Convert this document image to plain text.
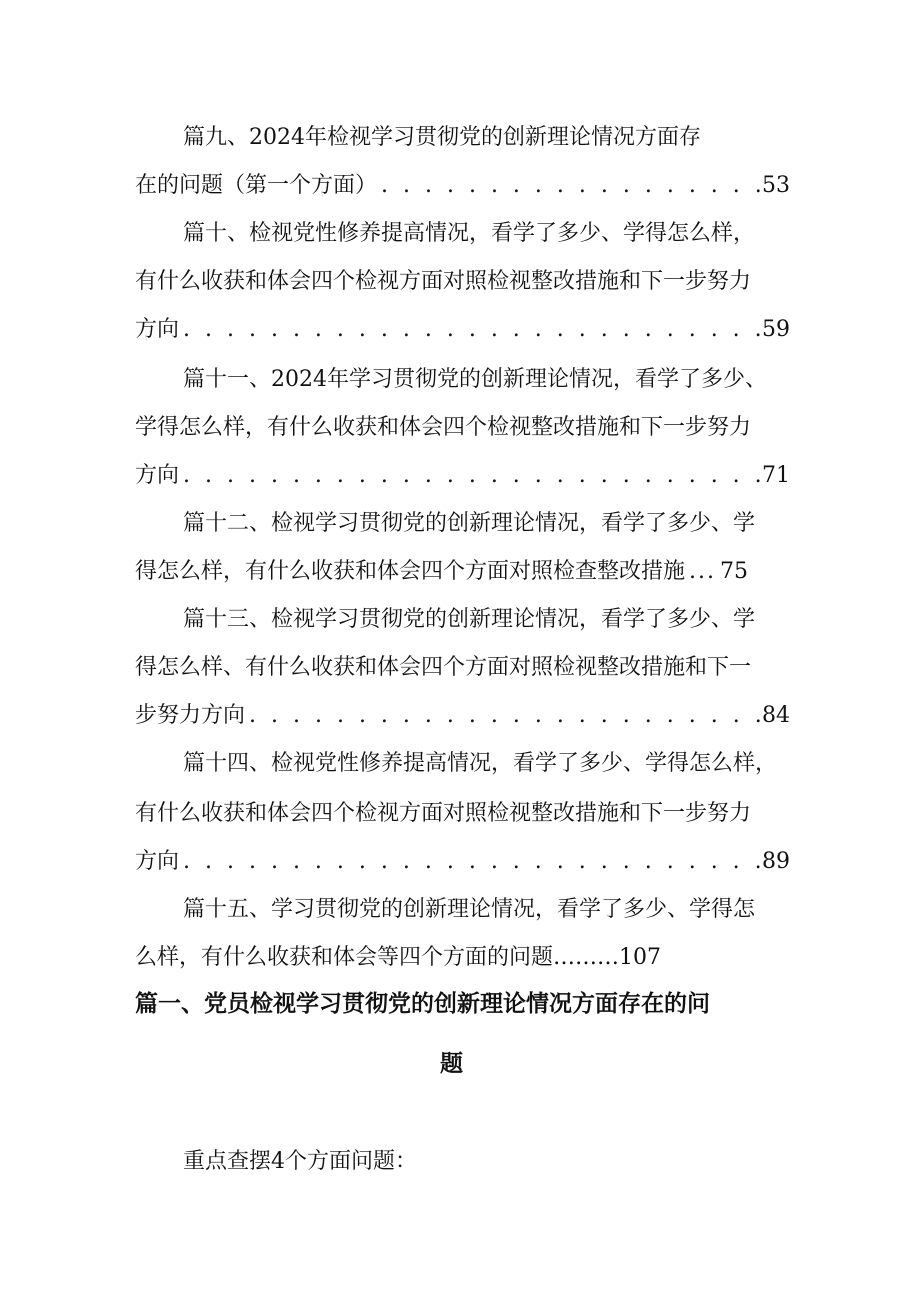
篇九、2024年检视学习贯彻党的创新理论情况方面存
在的问题（第一个方面） . . .	53
篇十、检视党性修养提高情况，看学了多少、学得怎么样，
有什么收获和体会四个检视方面对照检视整改措施和下一步努力
方向 . . .	59
篇十一、2024年学习贯彻党的创新理论情况，看学了多少、
学得怎么样，有什么收获和体会四个检视整改措施和下一步努力
方向 . . .	71
篇十二、检视学习贯彻党的创新理论情况，看学了多少、学
得怎么样，有什么收获和体会四个方面对照检查整改措施 ... 75
篇十三、检视学习贯彻党的创新理论情况，看学了多少、学
得怎么样、有什么收获和体会四个方面对照检视整改措施和下一
步努力方向 . . .	84
篇十四、检视党性修养提高情况，看学了多少、学得怎么样，
有什么收获和体会四个检视方面对照检视整改措施和下一步努力
方向 . . .	89
篇十五、学习贯彻党的创新理论情况，看学了多少、学得怎
么样，有什么收获和体会等四个方面的问题………107
篇一、党员检视学习贯彻党的创新理论情况方面存在的问
题
重点查摆4个方面问题：
